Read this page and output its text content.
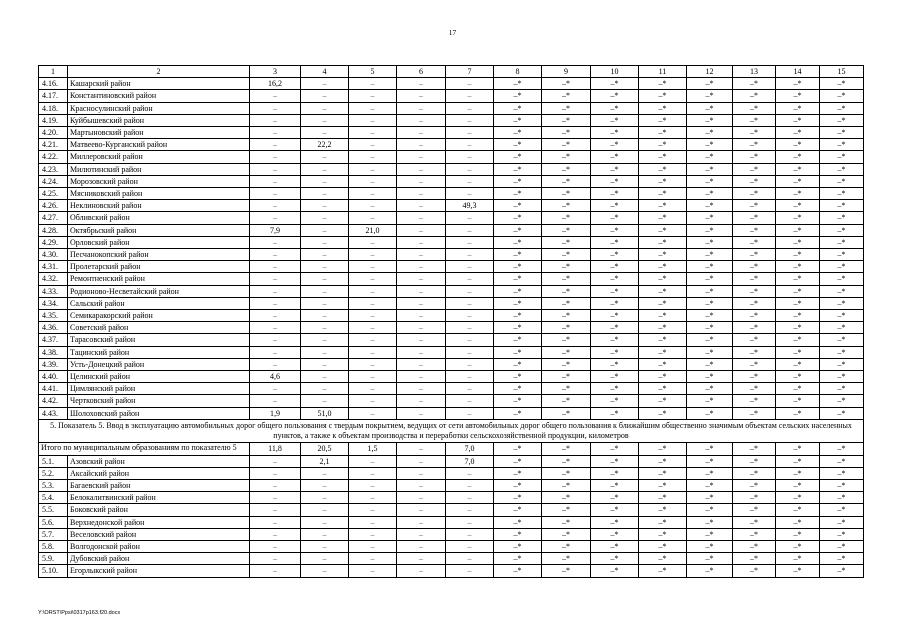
17
1	2	3	4	5	6	7	8	9	10	11	12	13	14	15
4.16.	Кашарский район	16,2	–	–	–	–	–*	–*	–*	–*	–*	–*	–*	–*
4.17.	Константиновский район	–	–	–	–	–	–*	–*	–*	–*	–*	–*	–*	–*
4.18.	Красносулинский район	–	–	–	–	–	–*	–*	–*	–*	–*	–*	–*	–*
4.19.	Куйбышевский район	–	–	–	–	–	–*	–*	–*	–*	–*	–*	–*	–*
4.20.	Мартыновский район	–	–	–	–	–	–*	–*	–*	–*	–*	–*	–*	–*
4.21.	Матвеево-Курганский район	–	22,2	–	–	–	–*	–*	–*	–*	–*	–*	–*	–*
4.22.	Миллеровский район	–	–	–	–	–	–*	–*	–*	–*	–*	–*	–*	–*
4.23.	Милютинский район	–	–	–	–	–	–*	–*	–*	–*	–*	–*	–*	–*
4.24.	Морозовский район	–	–	–	–	–	–*	–*	–*	–*	–*	–*	–*	–*
4.25.	Мясниковский район	–	–	–	–	–	–*	–*	–*	–*	–*	–*	–*	–*
4.26.	Неклиновский район	–	–	–	–	49,3	–*	–*	–*	–*	–*	–*	–*	–*
4.27.	Обливский район	–	–	–	–	–	–*	–*	–*	–*	–*	–*	–*	–*
4.28.	Октябрьский район	7,9	–	21,0	–	–	–*	–*	–*	–*	–*	–*	–*	–*
4.29.	Орловский район	–	–	–	–	–	–*	–*	–*	–*	–*	–*	–*	–*
4.30.	Песчанокопский район	–	–	–	–	–	–*	–*	–*	–*	–*	–*	–*	–*
4.31.	Пролетарский район	–	–	–	–	–	–*	–*	–*	–*	–*	–*	–*	–*
4.32.	Ремонтненский район	–	–	–	–	–	–*	–*	–*	–*	–*	–*	–*	–*
4.33.	Родионово-Несветайский район	–	–	–	–	–	–*	–*	–*	–*	–*	–*	–*	–*
4.34.	Сальский район	–	–	–	–	–	–*	–*	–*	–*	–*	–*	–*	–*
4.35.	Семикаракорский район	–	–	–	–	–	–*	–*	–*	–*	–*	–*	–*	–*
4.36.	Советский район	–	–	–	–	–	–*	–*	–*	–*	–*	–*	–*	–*
4.37.	Тарасовский район	–	–	–	–	–	–*	–*	–*	–*	–*	–*	–*	–*
4.38.	Тацинский район	–	–	–	–	–	–*	–*	–*	–*	–*	–*	–*	–*
4.39.	Усть-Донецкий район	–	–	–	–	–	–*	–*	–*	–*	–*	–*	–*	–*
4.40.	Целинский район	4,6	–	–	–	–	–*	–*	–*	–*	–*	–*	–*	–*
4.41.	Цимлянский район	–	–	–	–	–	–*	–*	–*	–*	–*	–*	–*	–*
4.42.	Чертковский район	–	–	–	–	–	–*	–*	–*	–*	–*	–*	–*	–*
4.43.	Шолоховский район	1,9	51,0	–	–	–	–*	–*	–*	–*	–*	–*	–*	–*
5. Показатель 5. Ввод в эксплуатацию автомобильных дорог общего пользования с твердым покрытием, ведущих от сети автомобильных дорог общего пользования к ближайшим общественно значимым объектам сельских населенных пунктов, а также к объектам производства и переработки сельскохозяйственной продукции, километров														
Итого по муниципальным образованиям по показателю 5		11,8	20,5	1,5	–	7,0	–*	–*	–*	–*	–*	–*	–*	–*
5.1.	Азовский район	–	2,1	–	–	7,0	–*	–*	–*	–*	–*	–*	–*	–*
5.2.	Аксайский район	–	–	–	–	–	–*	–*	–*	–*	–*	–*	–*	–*
5.3.	Багаевский район	–	–	–	–	–	–*	–*	–*	–*	–*	–*	–*	–*
5.4.	Белокалитвинский район	–	–	–	–	–	–*	–*	–*	–*	–*	–*	–*	–*
5.5.	Боковский район	–	–	–	–	–	–*	–*	–*	–*	–*	–*	–*	–*
5.6.	Верхнедонской район	–	–	–	–	–	–*	–*	–*	–*	–*	–*	–*	–*
5.7.	Веселовский район	–	–	–	–	–	–*	–*	–*	–*	–*	–*	–*	–*
5.8.	Волгодонской район	–	–	–	–	–	–*	–*	–*	–*	–*	–*	–*	–*
5.9.	Дубовский район	–	–	–	–	–	–*	–*	–*	–*	–*	–*	–*	–*
5.10.	Егорлыкский район	–	–	–	–	–	–*	–*	–*	–*	–*	–*	–*	–*
Y:\ORST\Ppsi\0317p163.f20.docx
